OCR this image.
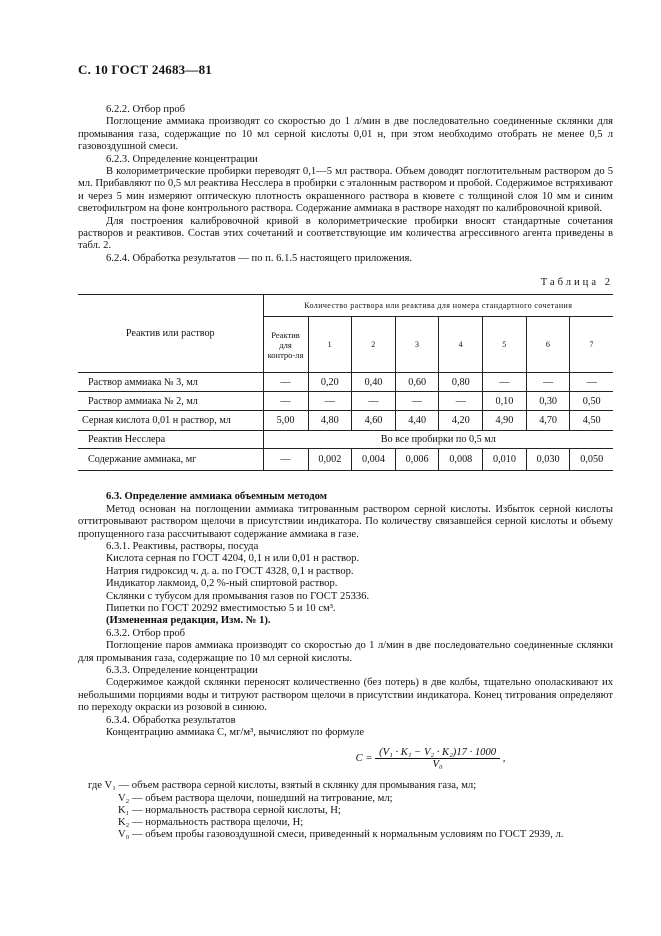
С. 10 ГОСТ 24683—81

6.2.2. Отбор проб

Поглощение аммиака производят со скоростью до 1 л/мин в две последовательно соединенные склянки для промывания газа, содержащие по 10 мл серной кислоты 0,01 н, при этом необходимо отобрать не менее 0,5 л газовоздушной смеси.

6.2.3. Определение концентрации

В колориметрические пробирки переводят 0,1—5 мл раствора. Объем доводят поглотительным раствором до 5 мл. Прибавляют по 0,5 мл реактива Несслера в пробирки с эталонным раствором и пробой. Содержимое встряхивают и через 5 мин измеряют оптическую плотность окрашенного раствора в кювете с толщиной слоя 10 мм и синим светофильтром на фоне контрольного раствора. Содержание аммиака в растворе находят по калибровочной кривой.

Для построения калибровочной кривой в колориметрические пробирки вносят стандартные сочетания растворов и реактивов. Состав этих сочетаний и соответствующие им количества агрессивного агента приведены в табл. 2.

6.2.4. Обработка результатов — по п. 6.1.5 настоящего приложения.

Таблица 2
Реактив или раствор	Количество раствора или реактива для номера стандартного сочетания							
	Реактив для контро-ля	1	2	3	4	5	6	7
Раствор аммиака № 3, мл	—	0,20	0,40	0,60	0,80	—	—	—
Раствор аммиака № 2, мл	—	—	—	—	—	0,10	0,30	0,50
Серная кислота 0,01 н раствор, мл	5,00	4,80	4,60	4,40	4,20	4,90	4,70	4,50
Реактив Несслера	Во все пробирки по 0,5 мл							
Содержание аммиака, мг	—	0,002	0,004	0,006	0,008	0,010	0,030	0,050

6.3. Определение аммиака объемным методом

Метод основан на поглощении аммиака титрованным раствором серной кислоты. Избыток серной кислоты оттитровывают раствором щелочи в присутствии индикатора. По количеству связавшейся серной кислоты и объему пропущенного газа рассчитывают содержание аммиака в газе.

6.3.1. Реактивы, растворы, посуда

Кислота серная по ГОСТ 4204, 0,1 н или 0,01 н раствор.

Натрия гидроксид ч. д. а. по ГОСТ 4328, 0,1 н раствор.

Индикатор лакмоид, 0,2 %-ный спиртовой раствор.

Склянки с тубусом для промывания газов по ГОСТ 25336.

Пипетки по ГОСТ 20292 вместимостью 5 и 10 см³.

(Измененная редакция, Изм. № 1).

6.3.2. Отбор проб

Поглощение паров аммиака производят со скоростью до 1 л/мин в две последовательно соединенные склянки для промывания газа, содержащие по 10 мл серной кислоты.

6.3.3. Определение концентрации

Содержимое каждой склянки переносят количественно (без потерь) в две колбы, тщательно ополаскивают их небольшими порциями воды и титруют раствором щелочи в присутствии индикатора. Конец титрования определяют по переходу окраски из розовой в синюю.

6.3.4. Обработка результатов

Концентрацию аммиака С, мг/м³, вычисляют по формуле

$C = \frac{\text{(V₁ · K₁ − V₂ · K₂)17 · 1000}}{\text{V₀}}$ ,

где V₁ — объем раствора серной кислоты, взятый в склянку для промывания газа, мл;

V₂ — объем раствора щелочи, пошедший на титрование, мл;

K₁ — нормальность раствора серной кислоты, Н;

K₂ — нормальность раствора щелочи, Н;

V₀ — объем пробы газовоздушной смеси, приведенный к нормальным условиям по ГОСТ 2939, л.
